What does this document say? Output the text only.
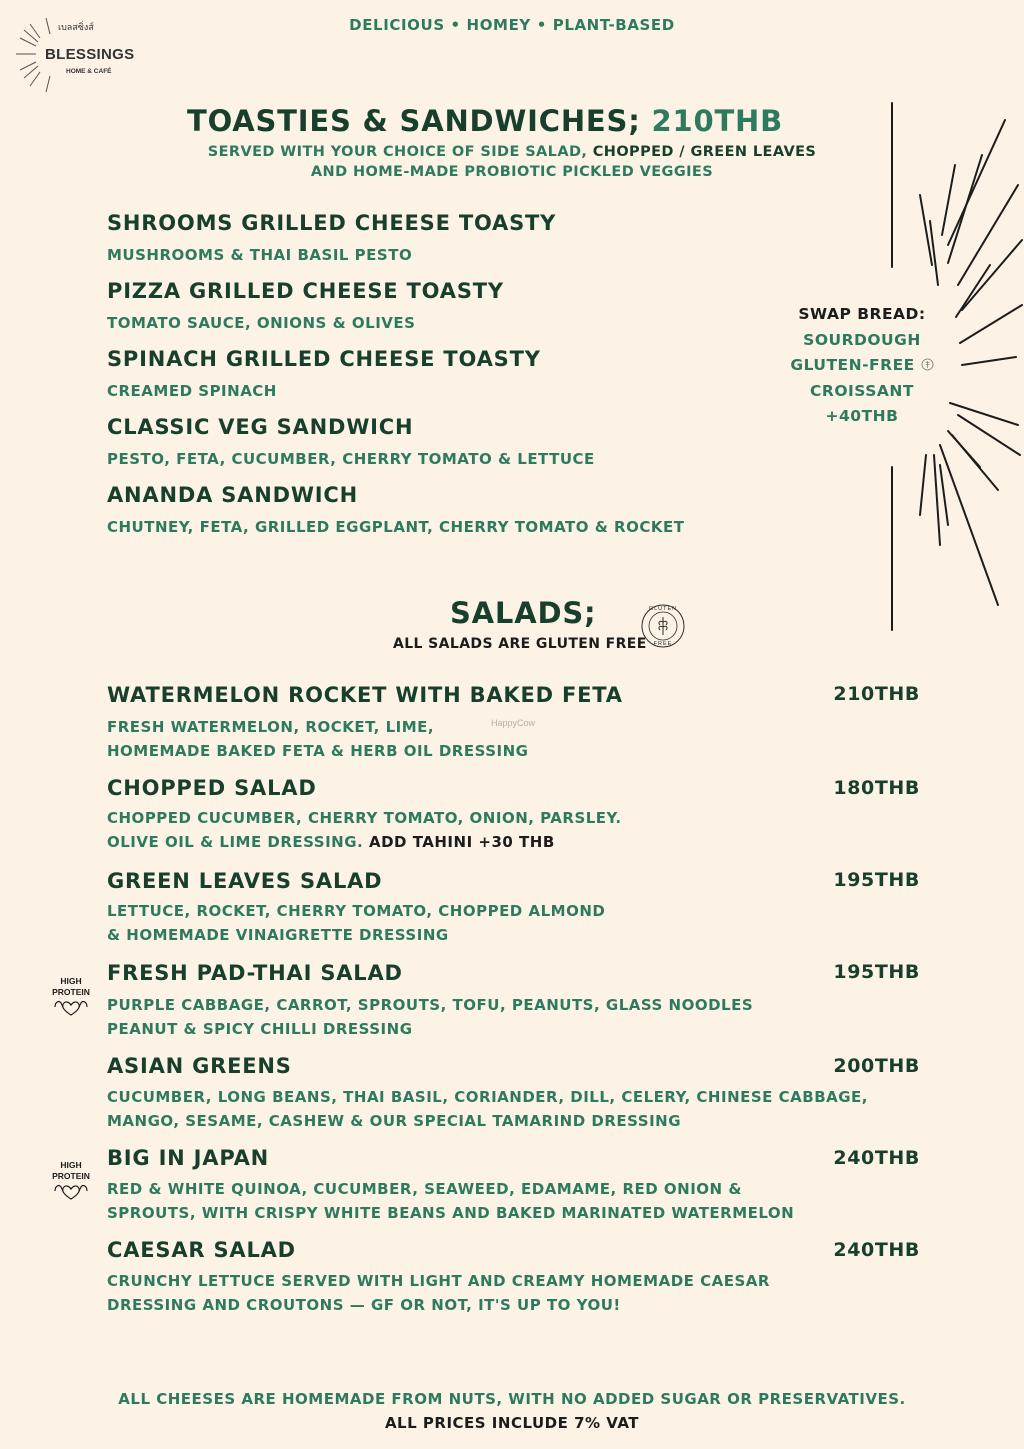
เบลสซิ่งส์
BLESSINGS
HOME & CAFÉ
DELICIOUS • HOMEY • PLANT-BASED
TOASTIES & SANDWICHES; 210THB
SERVED WITH YOUR CHOICE OF SIDE SALAD, CHOPPED / GREEN LEAVES
AND HOME-MADE PROBIOTIC PICKLED VEGGIES
SHROOMS GRILLED CHEESE TOASTY
MUSHROOMS & THAI BASIL PESTO
PIZZA GRILLED CHEESE TOASTY
TOMATO SAUCE, ONIONS & OLIVES
SPINACH GRILLED CHEESE TOASTY
CREAMED SPINACH
CLASSIC VEG SANDWICH
PESTO, FETA, CUCUMBER, CHERRY TOMATO & LETTUCE
ANANDA SANDWICH
CHUTNEY, FETA, GRILLED EGGPLANT, CHERRY TOMATO & ROCKET
SWAP BREAD:
SOURDOUGH
GLUTEN-FREE
CROISSANT
+40THB
SALADS;
ALL SALADS ARE GLUTEN FREE
GLUTEN
FREE
HappyCow
WATERMELON ROCKET WITH BAKED FETA	210THB
FRESH WATERMELON, ROCKET, LIME,
HOMEMADE BAKED FETA & HERB OIL DRESSING
CHOPPED SALAD	180THB
CHOPPED CUCUMBER, CHERRY TOMATO, ONION, PARSLEY.
OLIVE OIL & LIME DRESSING. ADD TAHINI +30 THB
GREEN LEAVES SALAD	195THB
LETTUCE, ROCKET, CHERRY TOMATO, CHOPPED ALMOND
& HOMEMADE VINAIGRETTE DRESSING
HIGH
PROTEIN
FRESH PAD-THAI SALAD	195THB
PURPLE CABBAGE, CARROT, SPROUTS, TOFU, PEANUTS, GLASS NOODLES
PEANUT & SPICY CHILLI DRESSING
ASIAN GREENS	200THB
CUCUMBER, LONG BEANS, THAI BASIL, CORIANDER, DILL, CELERY, CHINESE CABBAGE,
MANGO, SESAME, CASHEW & OUR SPECIAL TAMARIND DRESSING
HIGH
PROTEIN
BIG IN JAPAN	240THB
RED & WHITE QUINOA, CUCUMBER, SEAWEED, EDAMAME, RED ONION &
SPROUTS, WITH CRISPY WHITE BEANS AND BAKED MARINATED WATERMELON
CAESAR SALAD	240THB
CRUNCHY LETTUCE SERVED WITH LIGHT AND CREAMY HOMEMADE CAESAR
DRESSING AND CROUTONS — GF OR NOT, IT'S UP TO YOU!
ALL CHEESES ARE HOMEMADE FROM NUTS, WITH NO ADDED SUGAR OR PRESERVATIVES.
ALL PRICES INCLUDE 7% VAT
